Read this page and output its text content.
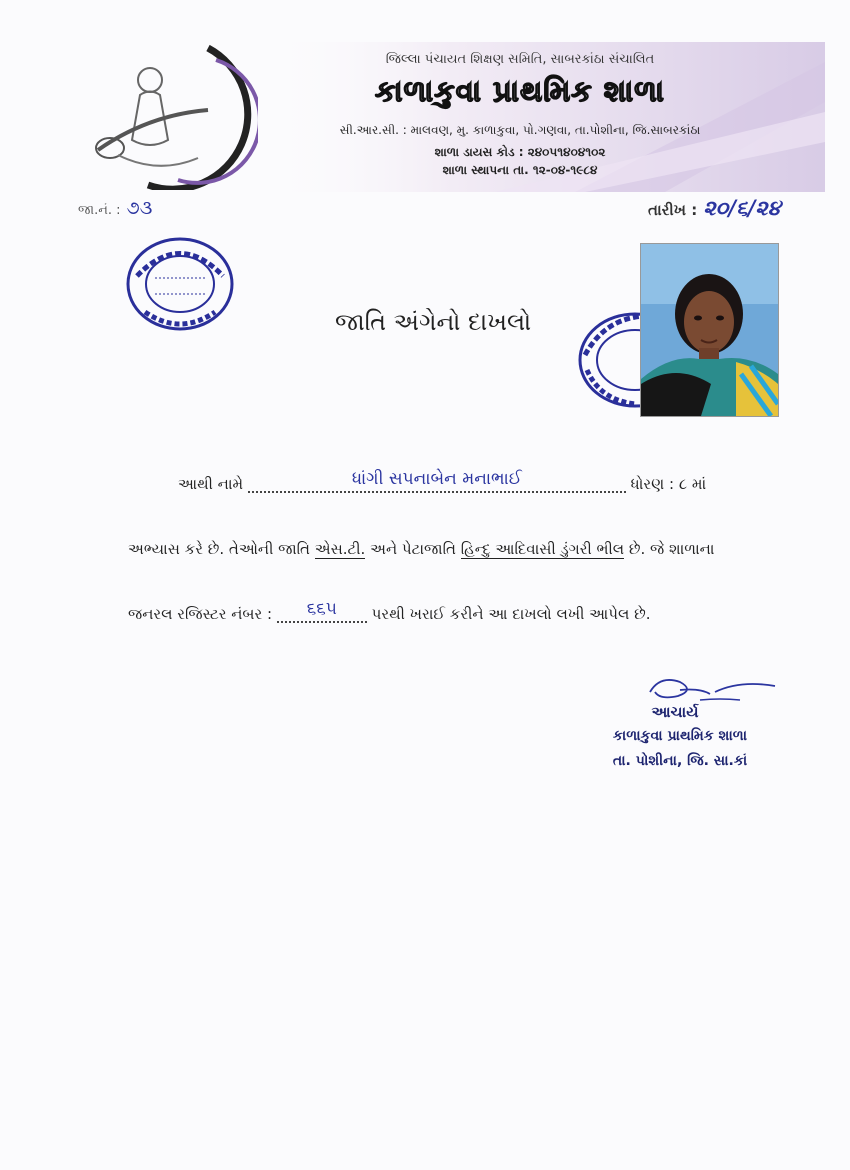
જિલ્લા પંચાયત શિક્ષણ સમિતિ, સાબરકાંઠા સંચાલિત
કાળાકુવા પ્રાથમિક શાળા
સી.આર.સી. : માલવણ, મુ. કાળાકુવા, પો.ગણવા, તા.પોશીના, જિ.સાબરકાંઠા
શાળા ડાયસ કોડ : ૨૪૦૫૧૪૦૪૧૦૨
શાળા સ્થાપના તા. ૧૨-૦૪-૧૯૮૪
જા.નં. : ૭૩	તારીખ : ૨૦/૬/૨૪
જાતિ અંગેનો દાખલો
આથી નામે	ધાંગી સપનાબેન મનાભાઈ	ધોરણ : ૮ માં
અભ્યાસ કરે છે. તેઓની જાતિ એસ.ટી. અને પેટાજાતિ હિન્દુ આદિવાસી ડુંગરી ભીલ છે. જે શાળાના
જનરલ રજિસ્ટર નંબર :	૬૬૫	પરથી ખરાઈ કરીને આ દાખલો લખી આપેલ છે.
આચાર્ય
કાળાકુવા પ્રાથમિક શાળા
તા. પોશીના, જિ. સા.કાં
